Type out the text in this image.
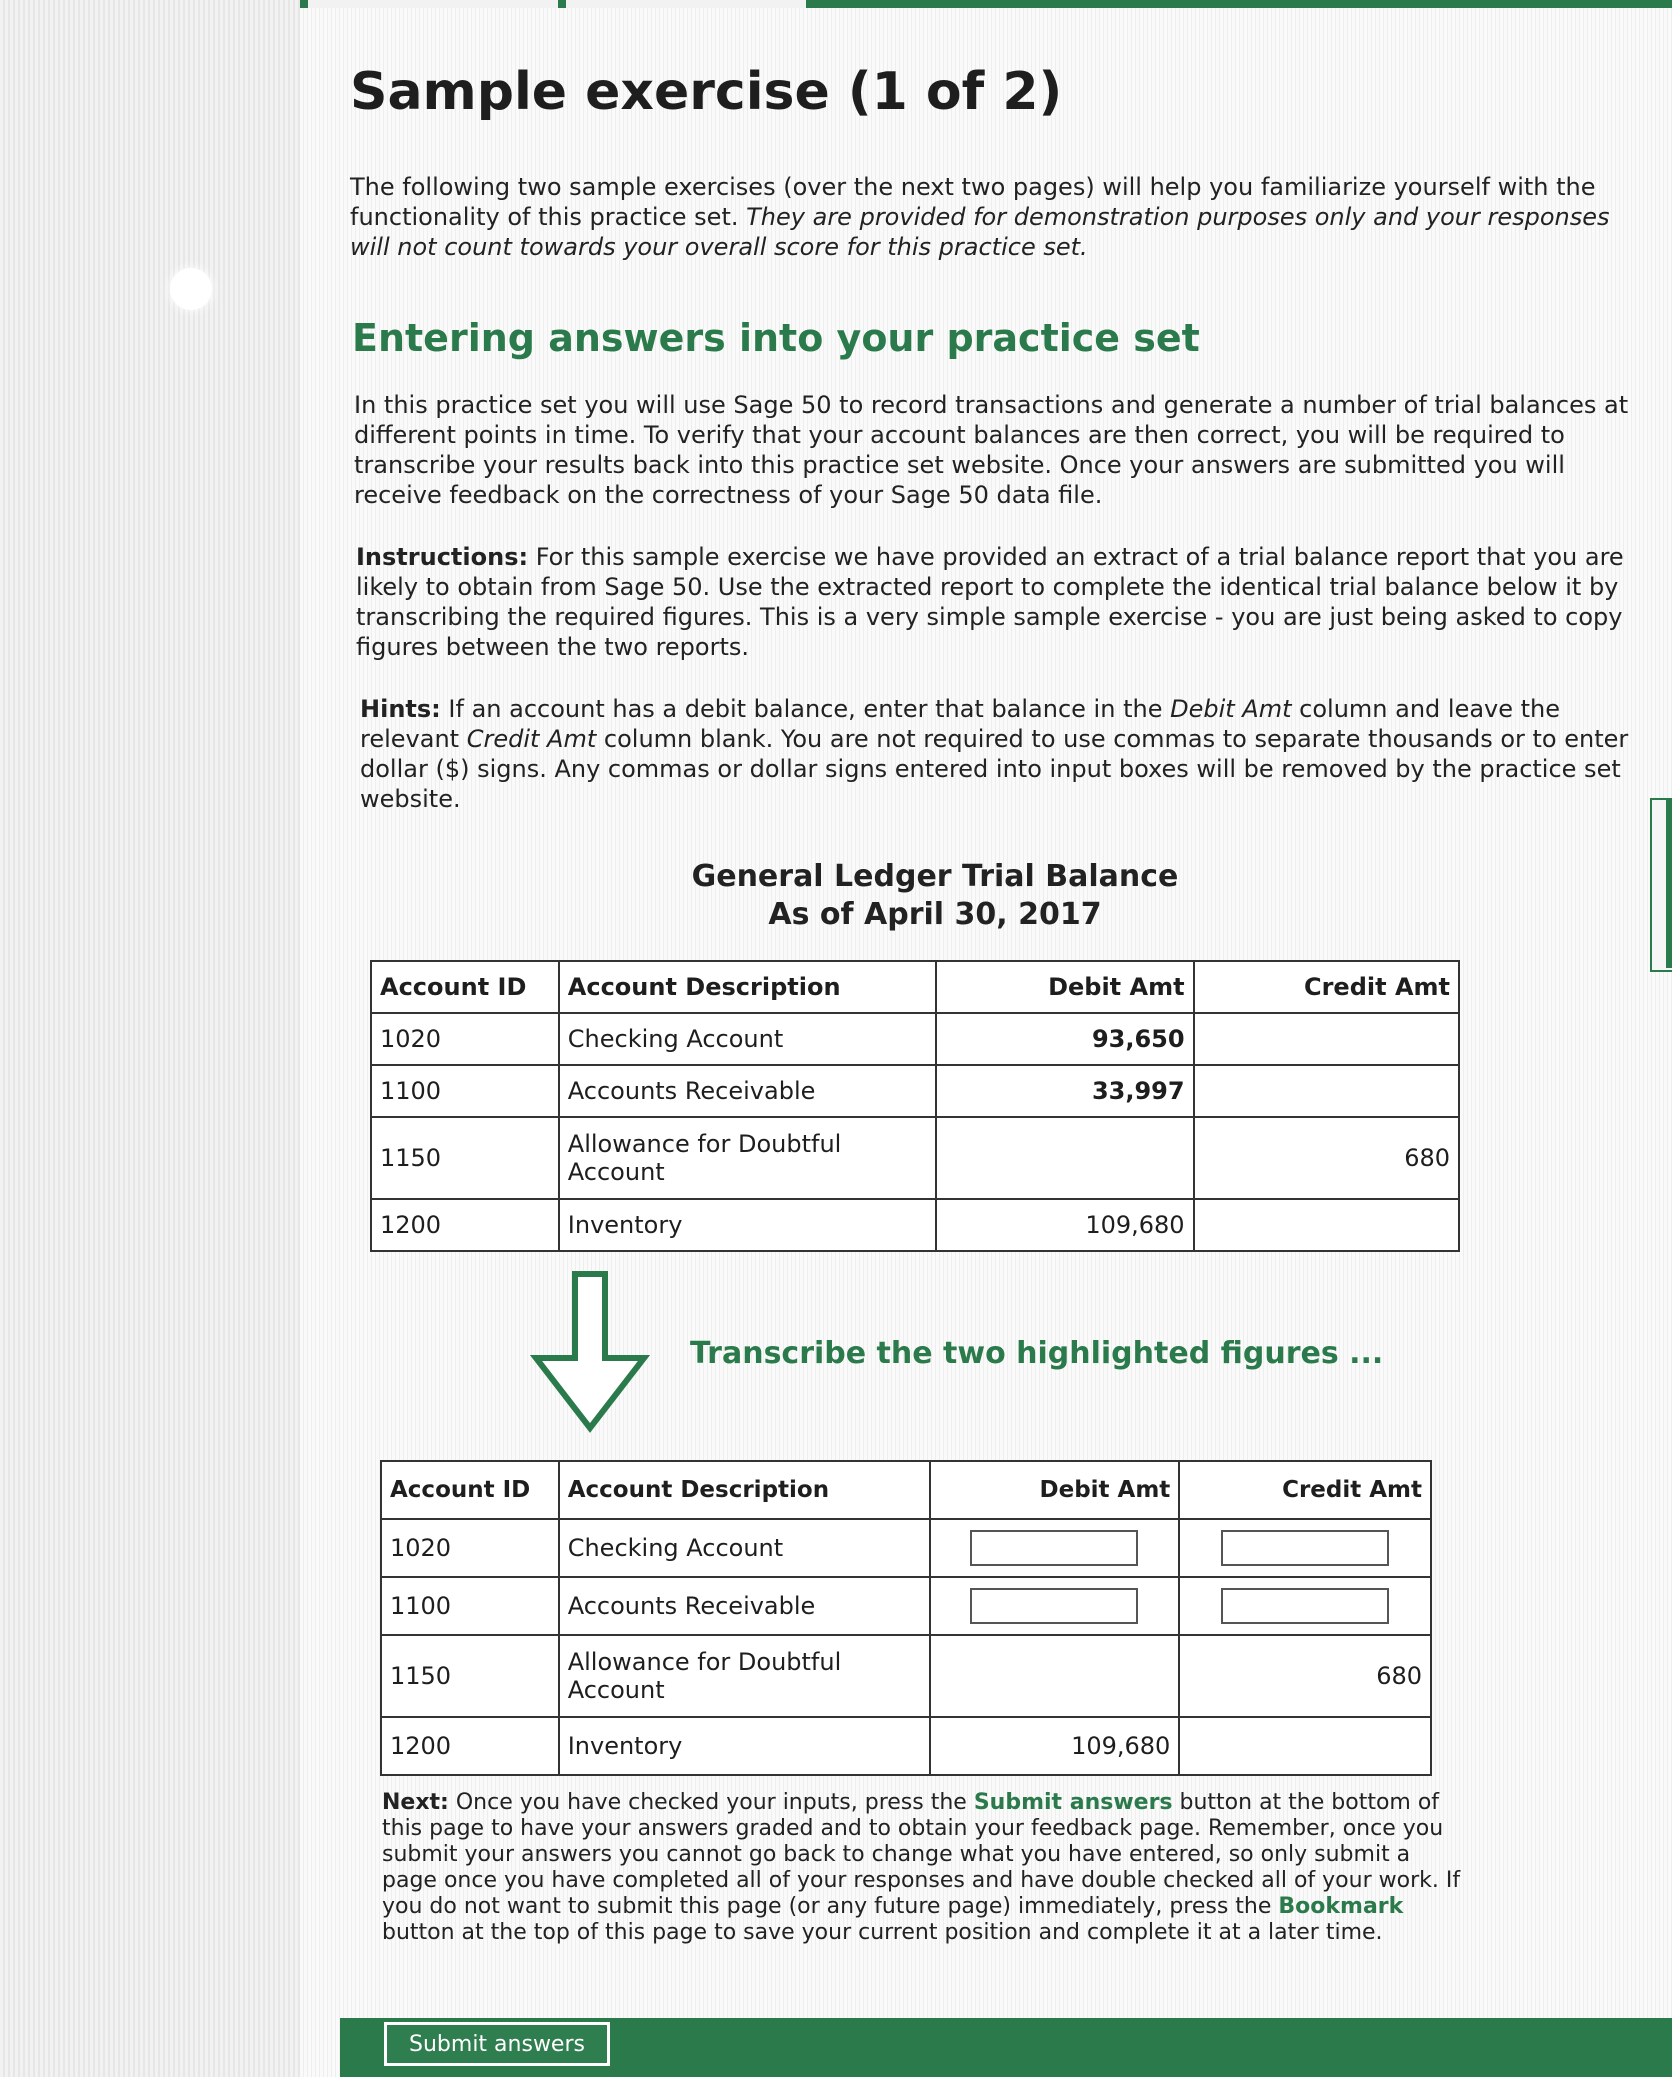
Sample exercise (1 of 2)

The following two sample exercises (over the next two pages) will help you familiarize yourself with the functionality of this practice set. They are provided for demonstration purposes only and your responses will not count towards your overall score for this practice set.

Entering answers into your practice set

In this practice set you will use Sage 50 to record transactions and generate a number of trial balances at different points in time. To verify that your account balances are then correct, you will be required to transcribe your results back into this practice set website. Once your answers are submitted you will receive feedback on the correctness of your Sage 50 data file.

Instructions: For this sample exercise we have provided an extract of a trial balance report that you are likely to obtain from Sage 50. Use the extracted report to complete the identical trial balance below it by transcribing the required figures. This is a very simple sample exercise - you are just being asked to copy figures between the two reports.

Hints: If an account has a debit balance, enter that balance in the Debit Amt column and leave the relevant Credit Amt column blank. You are not required to use commas to separate thousands or to enter dollar ($) signs. Any commas or dollar signs entered into input boxes will be removed by the practice set website.

General Ledger Trial Balance
As of April 30, 2017
Account ID	Account Description	Debit Amt	Credit Amt
1020	Checking Account	93,650	
1100	Accounts Receivable	33,997	
1150	Allowance for Doubtful Account		680
1200	Inventory	109,680	
Transcribe the two highlighted figures ...
Account ID	Account Description	Debit Amt	Credit Amt
1020	Checking Account	

1100	Accounts Receivable	

1150	Allowance for Doubtful Account		680
1200	Inventory	109,680	

Next: Once you have checked your inputs, press the Submit answers button at the bottom of this page to have your answers graded and to obtain your feedback page. Remember, once you submit your answers you cannot go back to change what you have entered, so only submit a page once you have completed all of your responses and have double checked all of your work. If you do not want to submit this page (or any future page) immediately, press the Bookmark button at the top of this page to save your current position and complete it at a later time.

Submit answers
